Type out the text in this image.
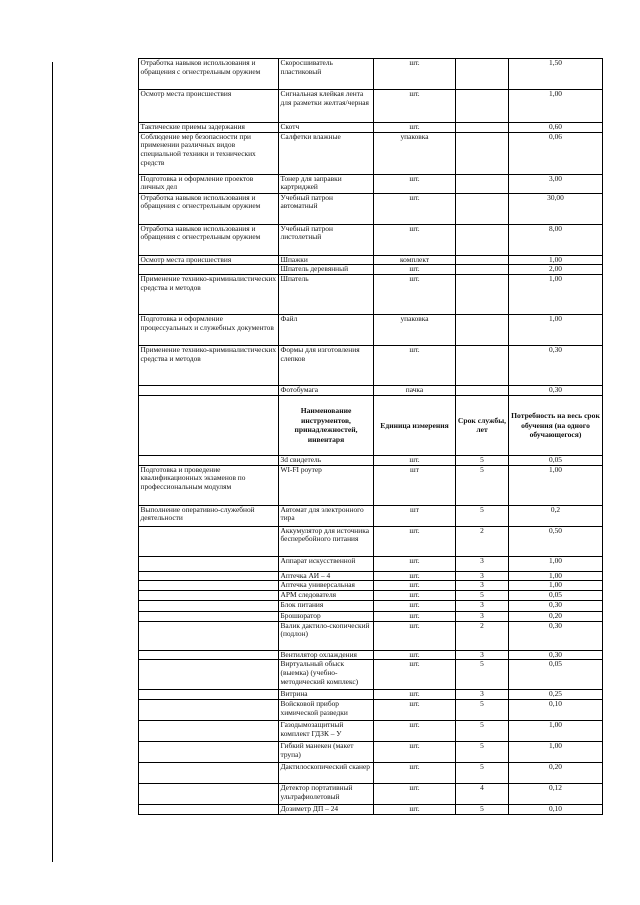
Отработка навыков использования и обращения с огнестрельным оружием	Скоросшиватель пластиковый	шт.		1,50
Осмотр места происшествия	Сигнальная клейкая лента для разметки желтая/черная	шт.		1,00
Тактические приемы задержания	Скотч	шт.		0,60
Соблюдение мер безопасности при применении различных видов специальной техники и технических средств	Салфетки влажные	упаковка		0,06
Подготовка и оформление проектов личных дел	Тонер для заправки картриджей	шт.		3,00
Отработка навыков использования и обращения с огнестрельным оружием	Учебный патрон автоматный	шт.		30,00
Отработка навыков использования и обращения с огнестрельным оружием	Учебный патрон листолетный	шт.		8,00
Осмотр места происшествия	Шпажки	комплект		1,00
	Шпатель деревянный	шт.		2,00
Применение технико-криминалистических средства и методов	Шпатель	шт.		1,00
Подготовка и оформление процессуальных и служебных документов	Файл	упаковка		1,00
Применение технико-криминалистических средства и методов	Формы для изготовления слепков	шт.		0,30
	Фотобумага	пачка		0,30
	Наименование инструментов, принадлежностей, инвентаря	Единица измерения	Срок службы, лет	Потребность на весь срок обучения (на одного обучающегося)
	3d свидетель	шт.	5	0,05
Подготовка и проведение квалификационных экзаменов по профессиональным модулям	WI-FI роутер	шт	5	1,00
Выполнение оперативно-служебной деятельности	Автомат для электронного тира	шт	5	0,2
	Аккумулятор для источника бесперебойного питания	шт.	2	0,50
	Аппарат искусственной	шт.	3	1,00
	Аптечка АИ – 4	шт.	3	1,00
	Аптечка универсальная	шт.	3	1,00
	АРМ следователя	шт.	5	0,05
	Блок питания	шт.	3	0,30
	Брошюратор	шт.	3	0,20
	Валик дактило-скопический (подлон)	шт.	2	0,30
	Вентилятор охлаждения	шт.	3	0,30
	Виртуальный обыск (выемка) (учебно-методический комплекс)	шт.	5	0,05
	Витрина	шт.	3	0,25
	Войсковой прибор химической разведки	шт.	5	0,10
	Газодымозащитный комплект ГДЗК – У	шт.	5	1,00
	Гибкий манекен (макет трупа)	шт.	5	1,00
	Дактилоскопический сканер	шт.	5	0,20
	Детектор портативный ультрафиолетовый	шт.	4	0,12
	Дозиметр ДП – 24	шт.	5	0,10
